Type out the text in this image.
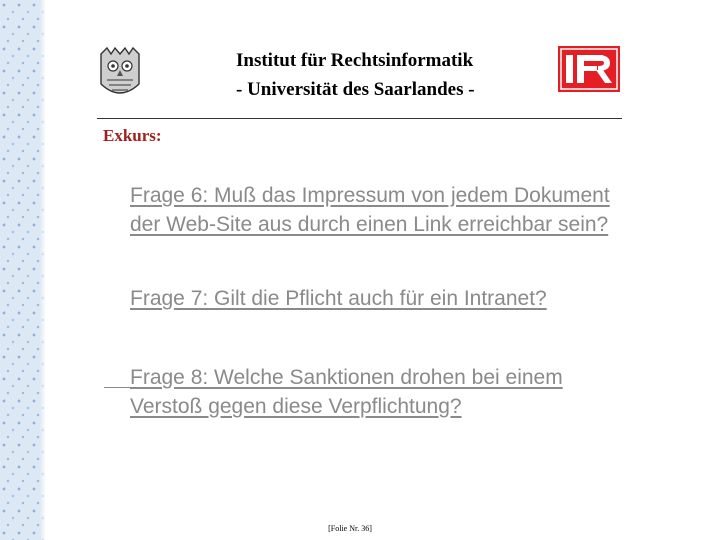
Institut für Rechtsinformatik
- Universität des Saarlandes -
Exkurs:
Frage 6: Muß das Impressum von jedem Dokument der Web-Site aus durch einen Link erreichbar sein?
Frage 7: Gilt die Pflicht auch für ein Intranet?
Frage 8: Welche Sanktionen drohen bei einem Verstoß gegen diese Verpflichtung?
[Folie Nr. 36]
